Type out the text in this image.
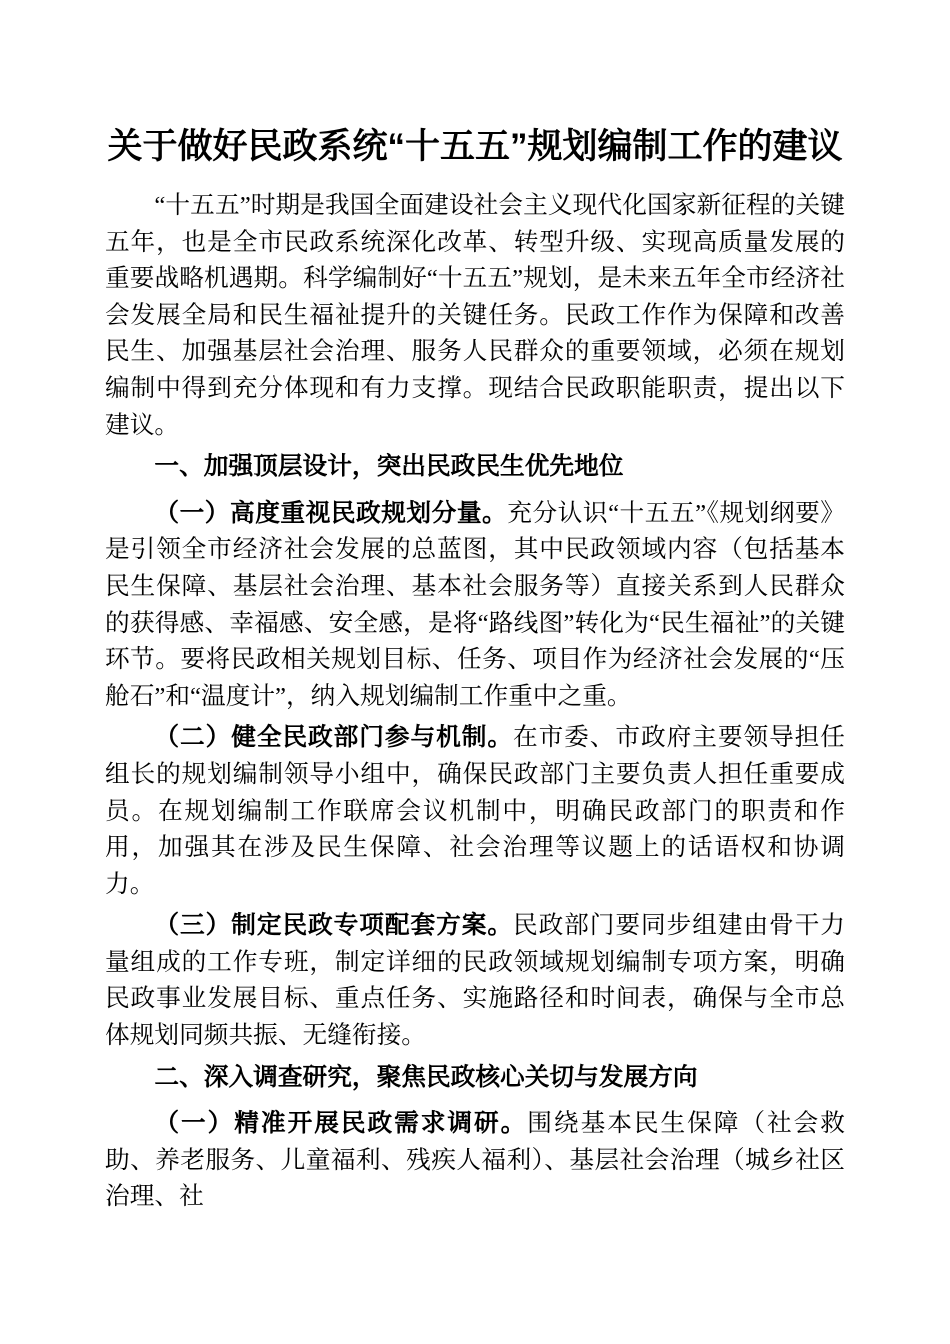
关于做好民政系统“十五五”规划编制工作的建议

“十五五”时期是我国全面建设社会主义现代化国家新征程的关键五年，也是全市民政系统深化改革、转型升级、实现高质量发展的重要战略机遇期。科学编制好“十五五”规划，是未来五年全市经济社会发展全局和民生福祉提升的关键任务。民政工作作为保障和改善民生、加强基层社会治理、服务人民群众的重要领域，必须在规划编制中得到充分体现和有力支撑。现结合民政职能职责，提出以下建议。

一、加强顶层设计，突出民政民生优先地位

（一）高度重视民政规划分量。充分认识“十五五”《规划纲要》是引领全市经济社会发展的总蓝图，其中民政领域内容（包括基本民生保障、基层社会治理、基本社会服务等）直接关系到人民群众的获得感、幸福感、安全感，是将“路线图”转化为“民生福祉”的关键环节。要将民政相关规划目标、任务、项目作为经济社会发展的“压舱石”和“温度计”，纳入规划编制工作重中之重。

（二）健全民政部门参与机制。在市委、市政府主要领导担任组长的规划编制领导小组中，确保民政部门主要负责人担任重要成员。在规划编制工作联席会议机制中，明确民政部门的职责和作用，加强其在涉及民生保障、社会治理等议题上的话语权和协调力。

（三）制定民政专项配套方案。民政部门要同步组建由骨干力量组成的工作专班，制定详细的民政领域规划编制专项方案，明确民政事业发展目标、重点任务、实施路径和时间表，确保与全市总体规划同频共振、无缝衔接。

二、深入调查研究，聚焦民政核心关切与发展方向

（一）精准开展民政需求调研。围绕基本民生保障（社会救助、养老服务、儿童福利、残疾人福利）、基层社会治理（城乡社区治理、社
